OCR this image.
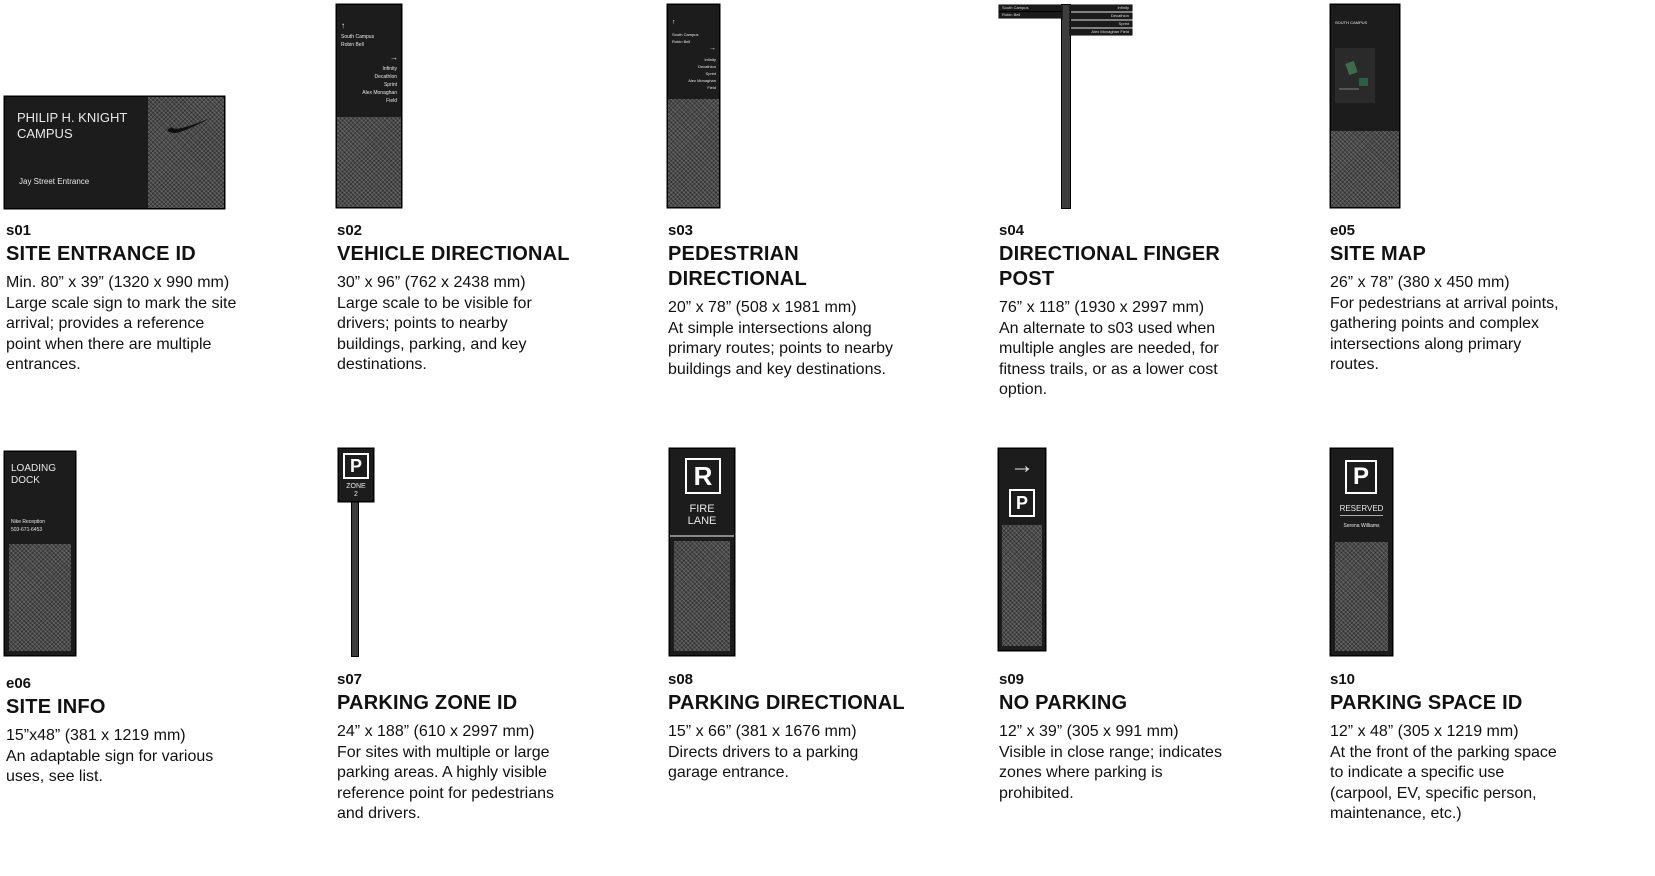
PHILIP H. KNIGHT
CAMPUS
Jay Street Entrance
↑
South Campus
Robin Bell
→
Infinity
Decathlon
Sprint
Alex Monaghan
Field
↑
South Campus
Robin Bell
→
Infinity
Decathlon
Sprint
Alex Monaghan
Field
South Campus
Robin Bell
Infinity
Decathlon
Sprint
Alex Monaghan Field
SOUTH CAMPUS
s01
SITE ENTRANCE ID
Min. 80” x 39” (1320 x 990 mm)
Large scale sign to mark the site arrival; provides a reference point when there are multiple entrances.
s02
VEHICLE DIRECTIONAL
30” x 96” (762 x 2438 mm)
Large scale to be visible for drivers; points to nearby buildings, parking, and key destinations.
s03
PEDESTRIAN DIRECTIONAL
20” x 78” (508 x 1981 mm)
At simple intersections along primary routes; points to nearby buildings and key destinations.
s04
DIRECTIONAL FINGER POST
76” x 118” (1930 x 2997 mm)
An alternate to s03 used when multiple angles are needed, for fitness trails, or as a lower cost option.
e05
SITE MAP
26” x 78” (380 x 450 mm)
For pedestrians at arrival points, gathering points and complex intersections along primary routes.
LOADING
DOCK
Nike Reception
503-671-6453
P
ZONE
2
R
FIRE
LANE
→
P
P
RESERVED
Serena Williams
e06
SITE INFO
15”x48” (381 x 1219 mm)
An adaptable sign for various uses, see list.
s07
PARKING ZONE ID
24” x 188” (610 x 2997 mm)
For sites with multiple or large parking areas. A highly visible reference point for pedestrians and drivers.
s08
PARKING DIRECTIONAL
15” x 66” (381 x 1676 mm)
Directs drivers to a parking garage entrance.
s09
NO PARKING
12” x 39” (305 x 991 mm)
Visible in close range; indicates zones where parking is prohibited.
s10
PARKING SPACE ID
12” x 48” (305 x 1219 mm)
At the front of the parking space to indicate a specific use (carpool, EV, specific person, maintenance, etc.)
